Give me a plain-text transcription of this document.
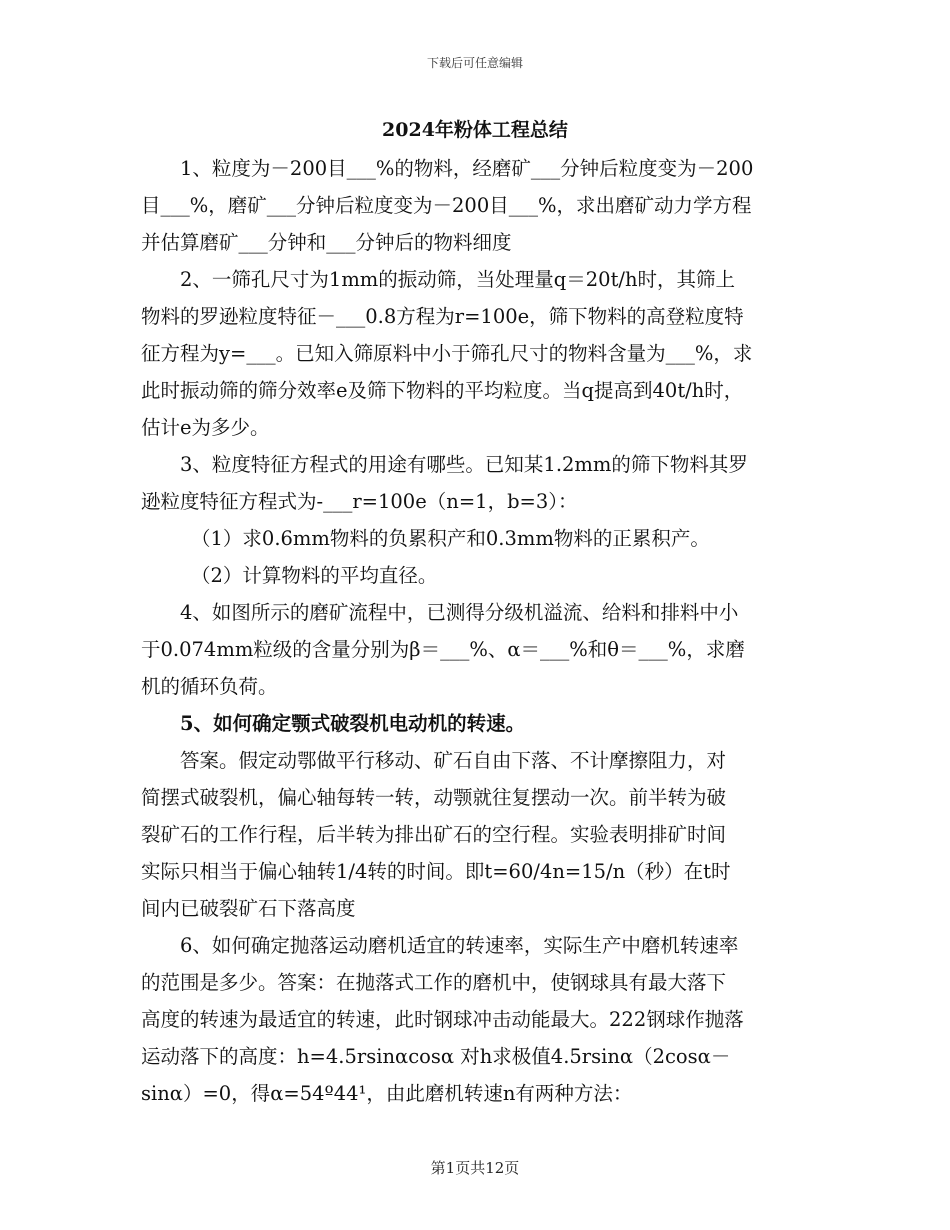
下载后可任意编辑
2024年粉体工程总结
1、粒度为－200目___%的物料，经磨矿___分钟后粒度变为－200
目___%，磨矿___分钟后粒度变为－200目___%，求出磨矿动力学方程
并估算磨矿___分钟和___分钟后的物料细度
2、一筛孔尺寸为1mm的振动筛，当处理量q＝20t/h时，其筛上
物料的罗逊粒度特征－___0.8方程为r=100e，筛下物料的高登粒度特
征方程为y=___。已知入筛原料中小于筛孔尺寸的物料含量为___%，求
此时振动筛的筛分效率e及筛下物料的平均粒度。当q提高到40t/h时，
估计e为多少。
3、粒度特征方程式的用途有哪些。已知某1.2mm的筛下物料其罗
逊粒度特征方程式为-___r=100e（n=1，b=3）：
（1）求0.6mm物料的负累积产和0.3mm物料的正累积产。
（2）计算物料的平均直径。
4、如图所示的磨矿流程中，已测得分级机溢流、给料和排料中小
于0.074mm粒级的含量分别为β＝___%、α＝___%和θ＝___%，求磨
机的循环负荷。
5、如何确定颚式破裂机电动机的转速。
答案。假定动鄂做平行移动、矿石自由下落、不计摩擦阻力，对
简摆式破裂机，偏心轴每转一转，动颚就往复摆动一次。前半转为破
裂矿石的工作行程，后半转为排出矿石的空行程。实验表明排矿时间
实际只相当于偏心轴转1/4转的时间。即t=60/4n=15/n（秒）在t时
间内已破裂矿石下落高度
6、如何确定抛落运动磨机适宜的转速率，实际生产中磨机转速率
的范围是多少。答案：在抛落式工作的磨机中，使钢球具有最大落下
高度的转速为最适宜的转速，此时钢球冲击动能最大。222钢球作抛落
运动落下的高度：h=4.5rsinαcosα 对h求极值4.5rsinα（2cosα－
sinα）=0，得α=54º44¹，由此磨机转速n有两种方法：
第1页共12页
